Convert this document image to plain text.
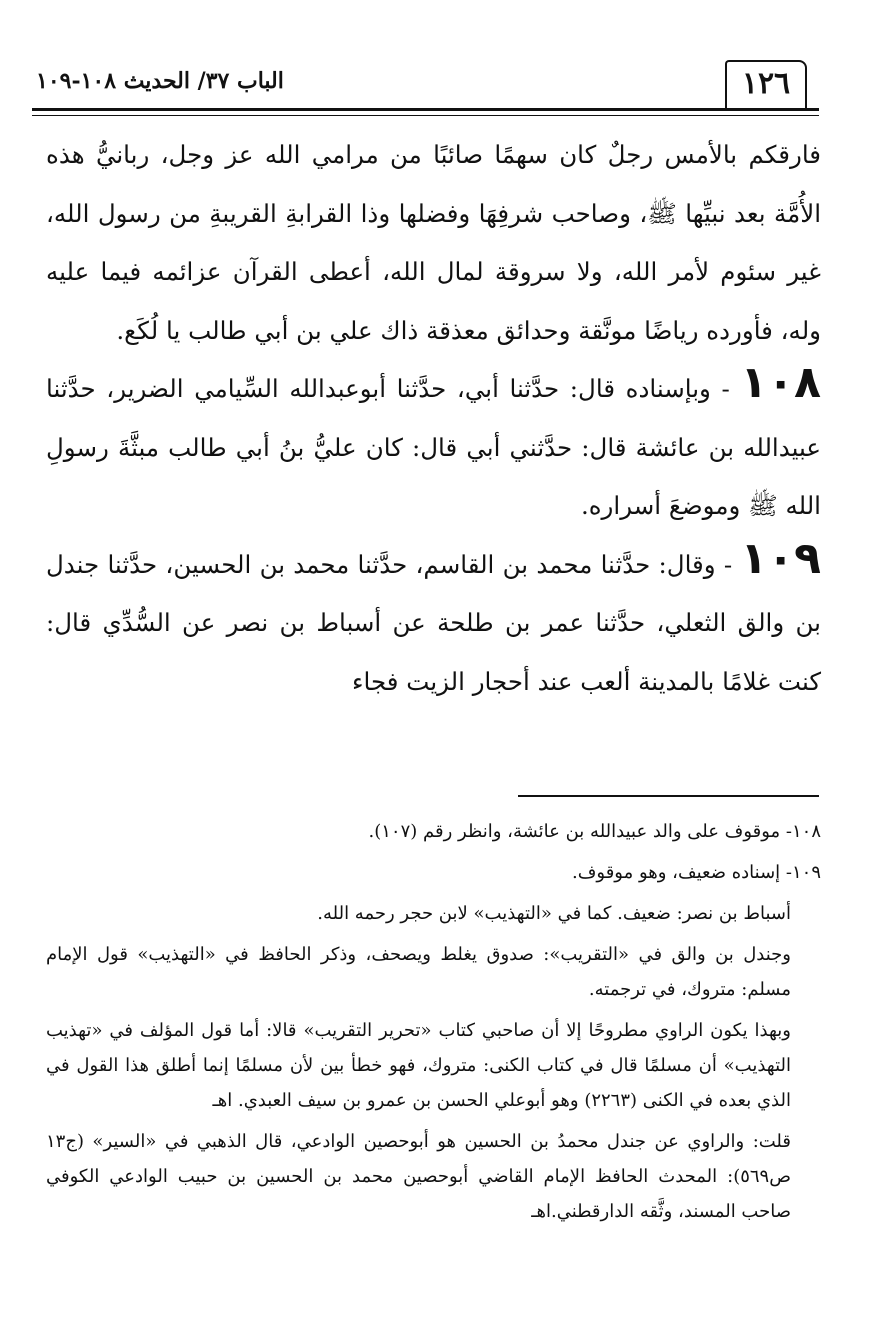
١٢٦
الباب ٣٧/ الحديث ١٠٨-١٠٩

فارقكم بالأمس رجلٌ كان سهمًا صائبًا من مرامي الله عز وجل، ربانيُّ هذه الأُمَّة بعد نبيِّها ﷺ، وصاحب شرفِهَا وفضلها وذا القرابةِ القريبةِ من رسول الله، غير سئوم لأمر الله، ولا سروقة لمال الله، أعطى القرآن عزائمه فيما عليه وله، فأورده رياضًا مونَّقة وحدائق معذقة ذاك علي بن أبي طالب يا لُكَع.

١٠٨ - وبإسناده قال: حدَّثنا أبي، حدَّثنا أبوعبدالله السِّيامي الضرير، حدَّثنا عبيدالله بن عائشة قال: حدَّثني أبي قال: كان عليُّ بنُ أبي طالب مبثَّةَ رسولِ الله ﷺ وموضعَ أسراره.

١٠٩ - وقال: حدَّثنا محمد بن القاسم، حدَّثنا محمد بن الحسين، حدَّثنا جندل بن والق الثعلي، حدَّثنا عمر بن طلحة عن أسباط بن نصر عن السُّدِّي قال: كنت غلامًا بالمدينة ألعب عند أحجار الزيت فجاء

١٠٨- موقوف على والد عبيدالله بن عائشة، وانظر رقم (١٠٧).

١٠٩- إسناده ضعيف، وهو موقوف.

أسباط بن نصر: ضعيف. كما في «التهذيب» لابن حجر رحمه الله.

وجندل بن والق في «التقريب»: صدوق يغلط ويصحف، وذكر الحافظ في «التهذيب» قول الإمام مسلم: متروك، في ترجمته.

وبهذا يكون الراوي مطروحًا إلا أن صاحبي كتاب «تحرير التقريب» قالا: أما قول المؤلف في «تهذيب التهذيب» أن مسلمًا قال في كتاب الكنى: متروك، فهو خطأ بين لأن مسلمًا إنما أطلق هذا القول في الذي بعده في الكنى (٢٢٦٣) وهو أبوعلي الحسن بن عمرو بن سيف العبدي. اهـ

قلت: والراوي عن جندل محمدُ بن الحسين هو أبوحصين الوادعي، قال الذهبي في «السير» (ج١٣ ص٥٦٩): المحدث الحافظ الإمام القاضي أبوحصين محمد بن الحسين بن حبيب الوادعي الكوفي صاحب المسند، وثَّقه الدارقطني.اهـ
